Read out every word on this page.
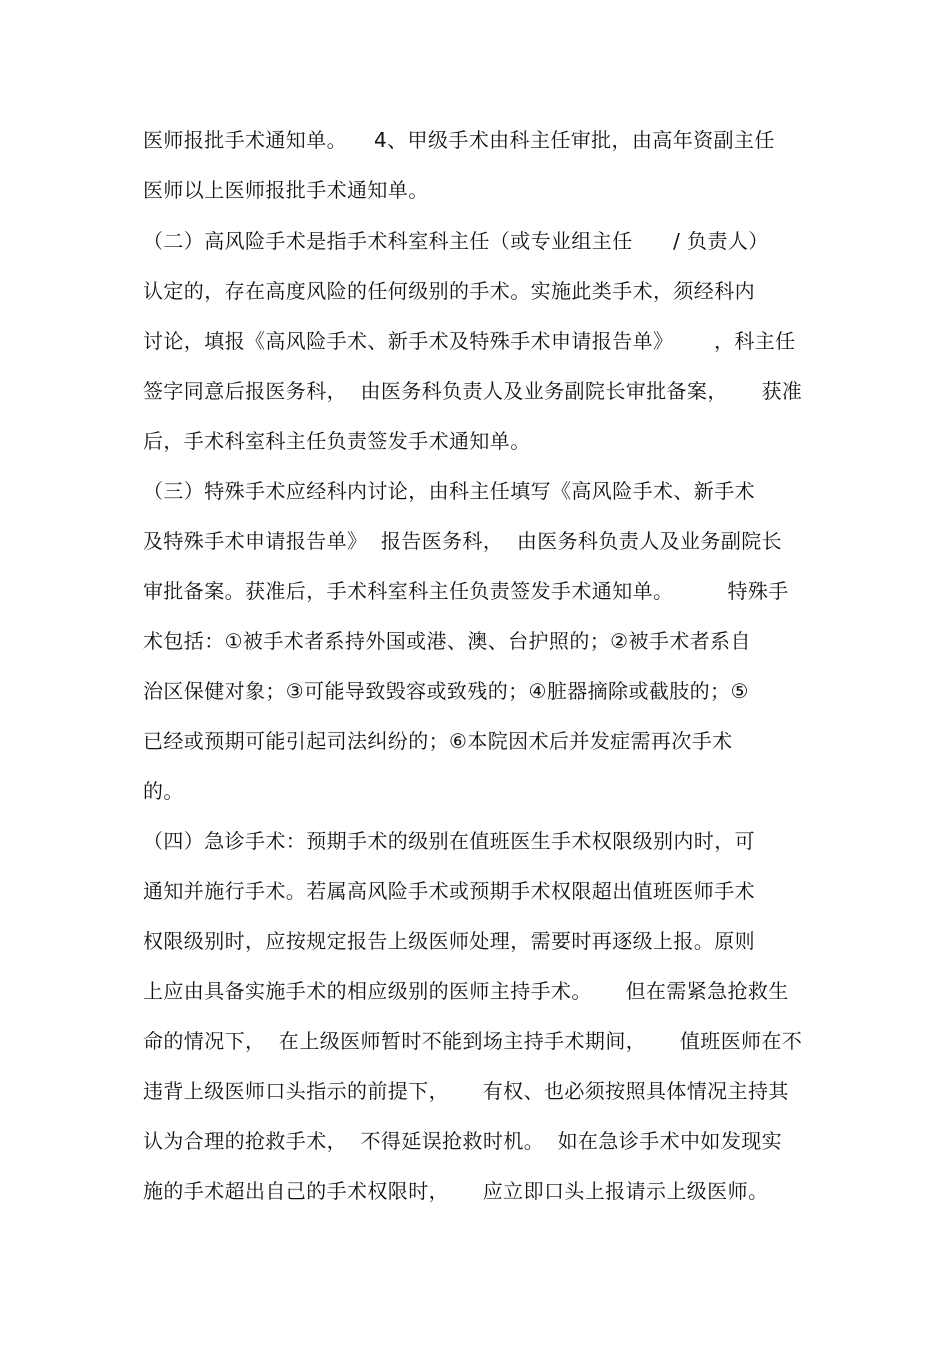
医师报批手术通知单。    4、甲级手术由科主任审批，由高年资副主任
医师以上医师报批手术通知单。
（二）高风险手术是指手术科室科主任（或专业组主任      / 负责人）
认定的，存在高度风险的任何级别的手术。实施此类手术，须经科内
讨论，填报《高风险手术、新手术及特殊手术申请报告单》      ，科主任
签字同意后报医务科，  由医务科负责人及业务副院长审批备案，     获准
后，手术科室科主任负责签发手术通知单。
（三）特殊手术应经科内讨论，由科主任填写《高风险手术、新手术
及特殊手术申请报告单》  报告医务科，  由医务科负责人及业务副院长
审批备案。获准后，手术科室科主任负责签发手术通知单。        特殊手
术包括：①被手术者系持外国或港、澳、台护照的；②被手术者系自
治区保健对象；③可能导致毁容或致残的；④脏器摘除或截肢的；⑤
已经或预期可能引起司法纠纷的；⑥本院因术后并发症需再次手术
的。
（四）急诊手术：预期手术的级别在值班医生手术权限级别内时，可
通知并施行手术。若属高风险手术或预期手术权限超出值班医师手术
权限级别时，应按规定报告上级医师处理，需要时再逐级上报。原则
上应由具备实施手术的相应级别的医师主持手术。     但在需紧急抢救生
命的情况下，  在上级医师暂时不能到场主持手术期间，     值班医师在不
违背上级医师口头指示的前提下，     有权、也必须按照具体情况主持其
认为合理的抢救手术，  不得延误抢救时机。  如在急诊手术中如发现实
施的手术超出自己的手术权限时，     应立即口头上报请示上级医师。
